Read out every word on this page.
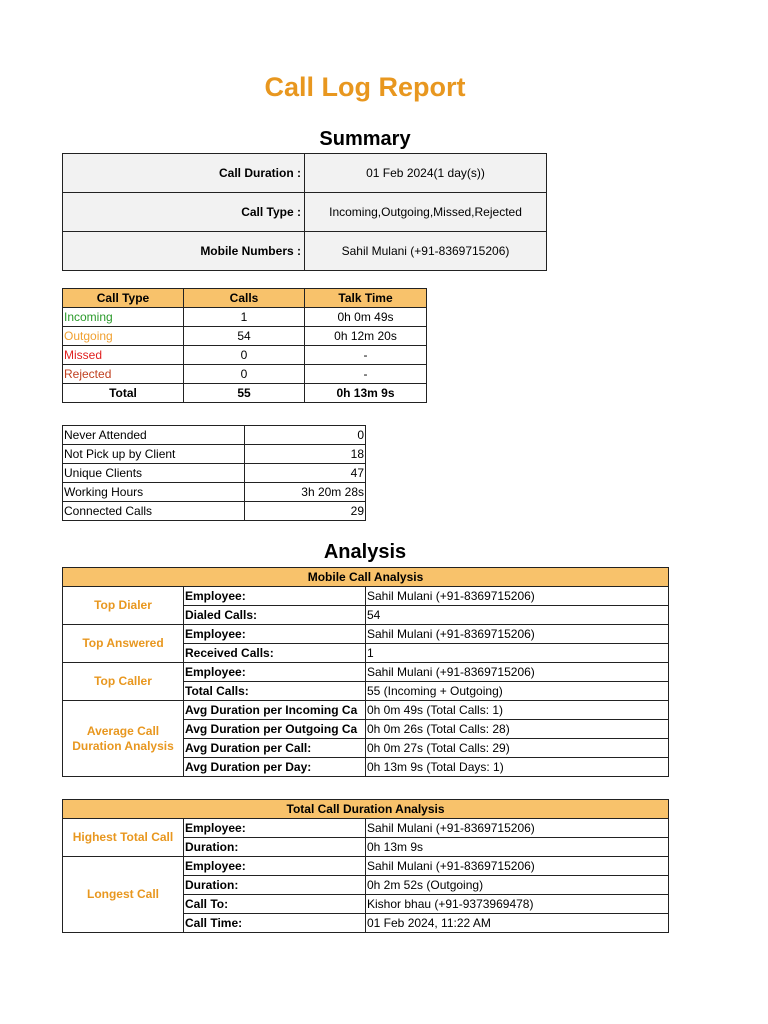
Call Log Report
Summary
Call Duration :	01 Feb 2024(1 day(s))
Call Type :	Incoming,Outgoing,Missed,Rejected
Mobile Numbers :	Sahil Mulani (+91-8369715206)
Call Type	Calls	Talk Time
Incoming	1	0h 0m 49s
Outgoing	54	0h 12m 20s
Missed	0	-
Rejected	0	-
Total	55	0h 13m 9s
Never Attended	0
Not Pick up by Client	18
Unique Clients	47
Working Hours	3h 20m 28s
Connected Calls	29
Analysis
Mobile Call Analysis		
Top Dialer	Employee:	Sahil Mulani (+91-8369715206)
	Dialed Calls:	54
Top Answered	Employee:	Sahil Mulani (+91-8369715206)
	Received Calls:	1
Top Caller	Employee:	Sahil Mulani (+91-8369715206)
	Total Calls:	55 (Incoming + Outgoing)
Average Call Duration Analysis	Avg Duration per Incoming Ca	0h 0m 49s (Total Calls: 1)
	Avg Duration per Outgoing Ca	0h 0m 26s (Total Calls: 28)
	Avg Duration per Call:	0h 0m 27s (Total Calls: 29)
	Avg Duration per Day:	0h 13m 9s (Total Days: 1)
Total Call Duration Analysis		
Highest Total Call	Employee:	Sahil Mulani (+91-8369715206)
	Duration:	0h 13m 9s
Longest Call	Employee:	Sahil Mulani (+91-8369715206)
	Duration:	0h 2m 52s (Outgoing)
	Call To:	Kishor bhau (+91-9373969478)
	Call Time:	01 Feb 2024, 11:22 AM
